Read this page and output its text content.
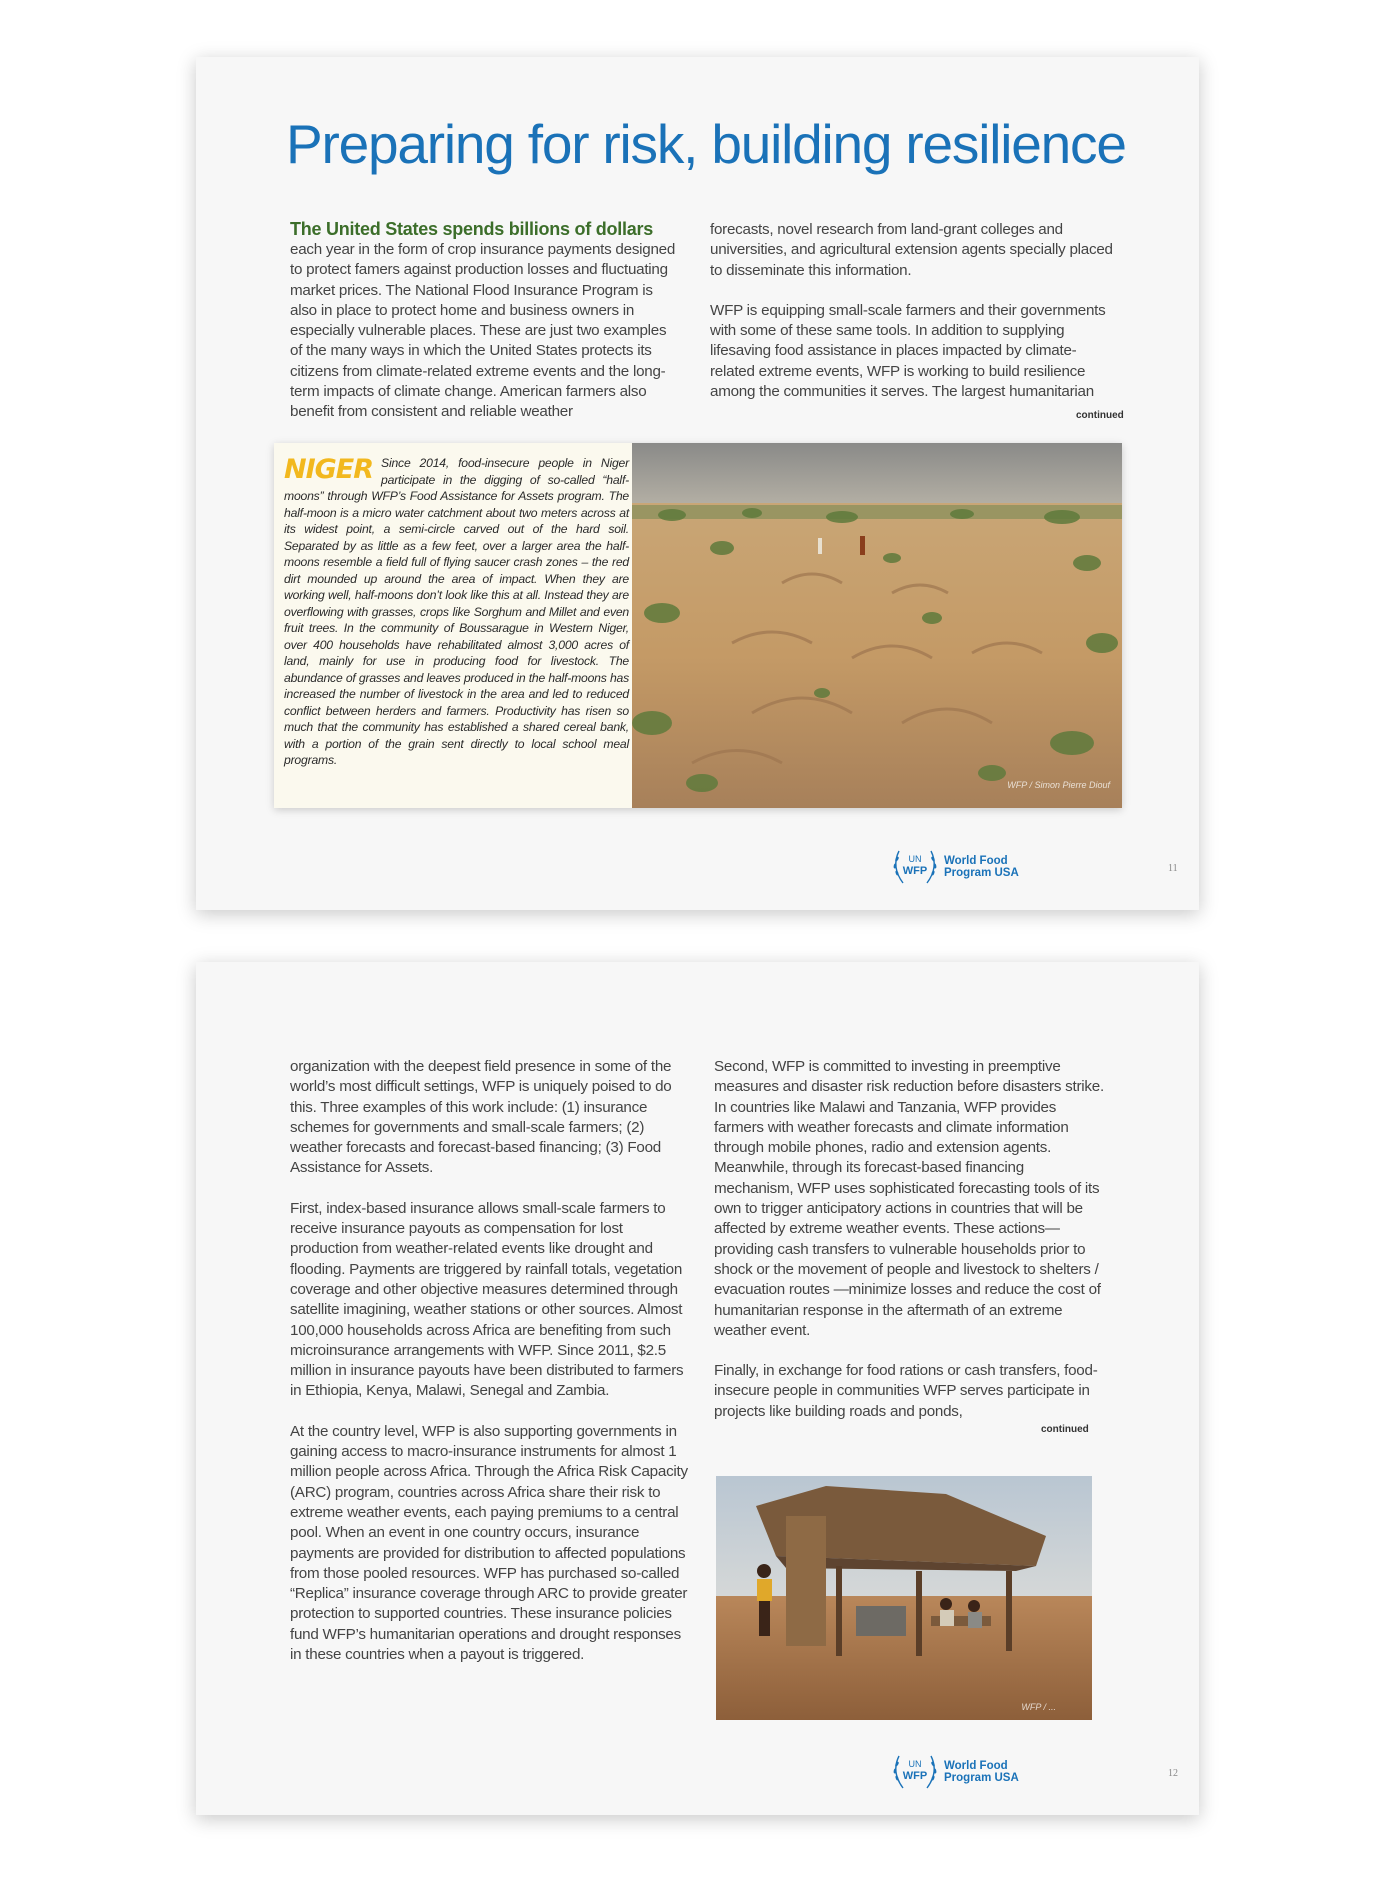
Preparing for risk, building resilience
The United States spends billions of dollars
each year in the form of crop insurance payments designed to protect famers against production losses and fluctuating market prices. The National Flood Insurance Program is also in place to protect home and business owners in especially vulnerable places. These are just two examples of the many ways in which the United States protects its citizens from climate-related extreme events and the long-term impacts of climate change. American farmers also benefit from consistent and reliable weather

forecasts, novel research from land-grant colleges and universities, and agricultural extension agents specially placed to disseminate this information.

WFP is equipping small-scale farmers and their governments with some of these same tools. In addition to supplying lifesaving food assistance in places impacted by climate-related extreme events, WFP is working to build resilience among the communities it serves. The largest humanitarian

continued
NIGER Since 2014, food-insecure people in Niger participate in the digging of so-called “half-moons” through WFP’s Food Assistance for Assets program. The half-moon is a micro water catchment about two meters across at its widest point, a semi-circle carved out of the hard soil. Separated by as little as a few feet, over a larger area the half-moons resemble a field full of flying saucer crash zones – the red dirt mounded up around the area of impact. When they are working well, half-moons don’t look like this at all. Instead they are overflowing with grasses, crops like Sorghum and Millet and even fruit trees. In the community of Boussarague in Western Niger, over 400 households have rehabilitated almost 3,000 acres of land, mainly for use in producing food for livestock. The abundance of grasses and leaves produced in the half-moons has increased the number of livestock in the area and led to reduced conflict between herders and farmers. Productivity has risen so much that the community has established a shared cereal bank, with a portion of the grain sent directly to local school meal programs.
WFP / Simon Pierre Diouf
UN
WFP
World Food
Program USA	11

organization with the deepest field presence in some of the world’s most difficult settings, WFP is uniquely poised to do this. Three examples of this work include: (1) insurance schemes for governments and small-scale farmers; (2) weather forecasts and forecast-based financing; (3) Food Assistance for Assets.

First, index-based insurance allows small-scale farmers to receive insurance payouts as compensation for lost production from weather-related events like drought and flooding. Payments are triggered by rainfall totals, vegetation coverage and other objective measures determined through satellite imagining, weather stations or other sources. Almost 100,000 households across Africa are benefiting from such microinsurance arrangements with WFP. Since 2011, $2.5 million in insurance payouts have been distributed to farmers in Ethiopia, Kenya, Malawi, Senegal and Zambia.

At the country level, WFP is also supporting governments in gaining access to macro-insurance instruments for almost 1 million people across Africa. Through the Africa Risk Capacity (ARC) program, countries across Africa share their risk to extreme weather events, each paying premiums to a central pool. When an event in one country occurs, insurance payments are provided for distribution to affected populations from those pooled resources. WFP has purchased so-called “Replica” insurance coverage through ARC to provide greater protection to supported countries. These insurance policies fund WFP’s humanitarian operations and drought responses in these countries when a payout is triggered.

Second, WFP is committed to investing in preemptive measures and disaster risk reduction before disasters strike. In countries like Malawi and Tanzania, WFP provides farmers with weather forecasts and climate information through mobile phones, radio and extension agents. Meanwhile, through its forecast-based financing mechanism, WFP uses sophisticated forecasting tools of its own to trigger anticipatory actions in countries that will be affected by extreme weather events. These actions— providing cash transfers to vulnerable households prior to shock or the movement of people and livestock to shelters / evacuation routes —minimize losses and reduce the cost of humanitarian response in the aftermath of an extreme weather event.

Finally, in exchange for food rations or cash transfers, food-insecure people in communities WFP serves participate in projects like building roads and ponds,

continued
WFP / ...
UN
WFP
World Food
Program USA	12
